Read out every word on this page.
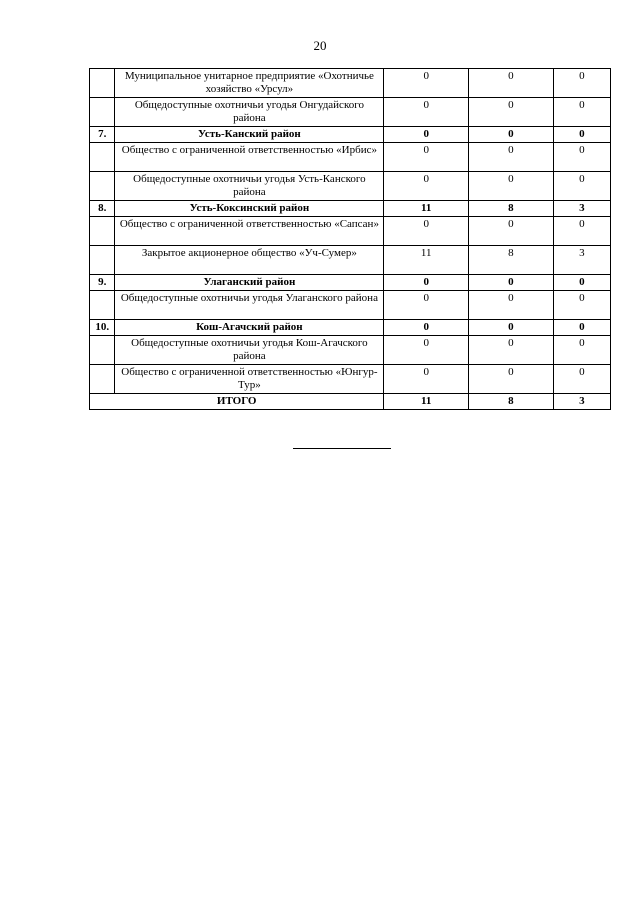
20
	Муниципальное унитарное предприятие «Охотничье хозяйство «Урсул»	0	0	0
	Общедоступные охотничьи угодья Онгудайского района	0	0	0
7.	Усть-Канский район	0	0	0
	Общество с ограниченной ответственностью «Ирбис»	0	0	0
	Общедоступные охотничьи угодья Усть-Канского района	0	0	0
8.	Усть-Коксинский район	11	8	3
	Общество с ограниченной ответственностью «Сапсан»	0	0	0
	Закрытое акционерное общество «Уч-Сумер»	11	8	3
9.	Улаганский район	0	0	0
	Общедоступные охотничьи угодья Улаганского района	0	0	0
10.	Кош-Агачский район	0	0	0
	Общедоступные охотничьи угодья Кош-Агачского района	0	0	0
	Общество с ограниченной ответственностью «Юнгур-Тур»	0	0	0
ИТОГО		11	8	3
